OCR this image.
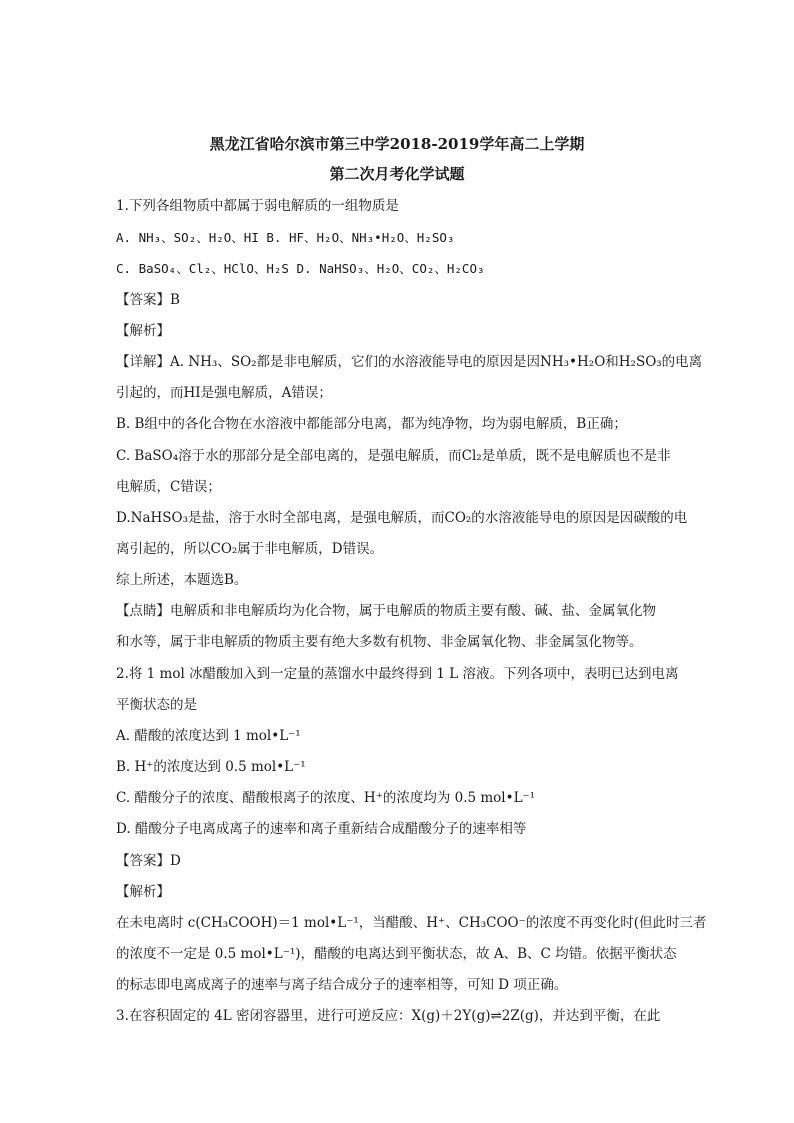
黑龙江省哈尔滨市第三中学2018-2019学年高二上学期
第二次月考化学试题
1.下列各组物质中都属于弱电解质的一组物质是
A. NH₃、SO₂、H₂O、HI B. HF、H₂O、NH₃•H₂O、H₂SO₃
C. BaSO₄、Cl₂、HClO、H₂S D. NaHSO₃、H₂O、CO₂、H₂CO₃
【答案】B
【解析】
【详解】A. NH₃、SO₂都是非电解质，它们的水溶液能导电的原因是因NH₃•H₂O和H₂SO₃的电离
引起的，而HI是强电解质，A错误；
B. B组中的各化合物在水溶液中都能部分电离，都为纯净物，均为弱电解质，B正确；
C. BaSO₄溶于水的那部分是全部电离的，是强电解质，而Cl₂是单质，既不是电解质也不是非
电解质，C错误；
D.NaHSO₃是盐，溶于水时全部电离，是强电解质，而CO₂的水溶液能导电的原因是因碳酸的电
离引起的，所以CO₂属于非电解质，D错误。
综上所述，本题选B。
【点睛】电解质和非电解质均为化合物，属于电解质的物质主要有酸、碱、盐、金属氧化物
和水等，属于非电解质的物质主要有绝大多数有机物、非金属氧化物、非金属氢化物等。
2.将 1 mol 冰醋酸加入到一定量的蒸馏水中最终得到 1 L 溶液。下列各项中，表明已达到电离
平衡状态的是
A. 醋酸的浓度达到 1 mol•L⁻¹
B. H⁺的浓度达到 0.5 mol•L⁻¹
C. 醋酸分子的浓度、醋酸根离子的浓度、H⁺的浓度均为 0.5 mol•L⁻¹
D. 醋酸分子电离成离子的速率和离子重新结合成醋酸分子的速率相等
【答案】D
【解析】
在未电离时 c(CH₃COOH)＝1 mol•L⁻¹，当醋酸、H⁺、CH₃COO⁻的浓度不再变化时(但此时三者
的浓度不一定是 0.5 mol•L⁻¹)，醋酸的电离达到平衡状态，故 A、B、C 均错。依据平衡状态
的标志即电离成离子的速率与离子结合成分子的速率相等，可知 D 项正确。
3.在容积固定的 4L 密闭容器里，进行可逆反应：X(g)＋2Y(g)⇌2Z(g)，并达到平衡，在此
